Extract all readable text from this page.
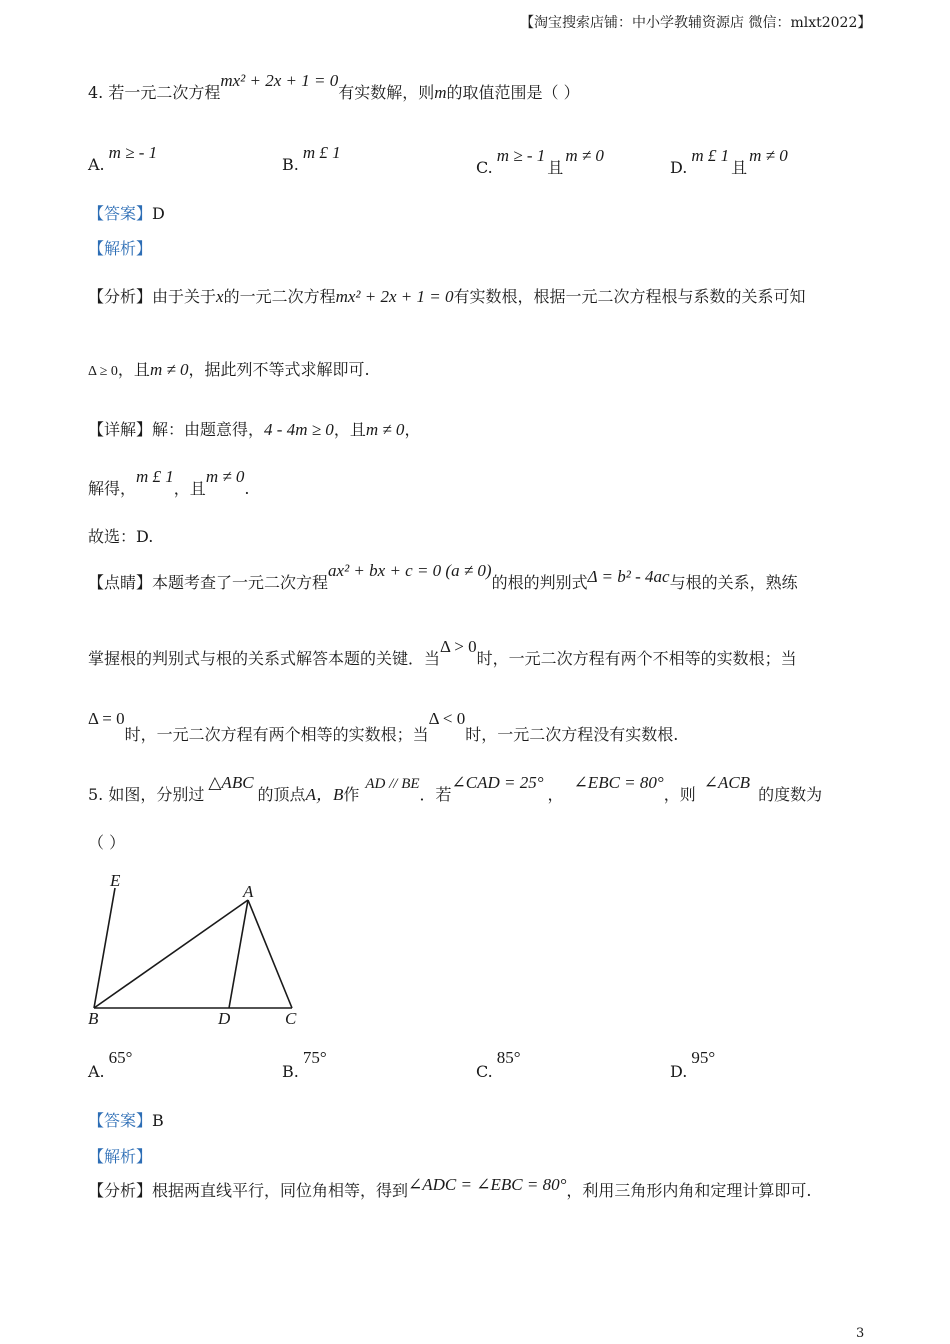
【淘宝搜索店铺：中小学教辅资源店 微信：mlxt2022】
4. 若一元二次方程mx² + 2x + 1 = 0有实数解，则m的取值范围是（ ）
A.m ≥ - 1
B.m £ 1
C.m ≥ - 1且m ≠ 0
D.m £ 1且m ≠ 0
【答案】D
【解析】
【分析】由于关于x的一元二次方程mx² + 2x + 1 = 0有实数根，根据一元二次方程根与系数的关系可知
Δ ≥ 0，且m ≠ 0，据此列不等式求解即可.
【详解】解：由题意得，4 - 4m ≥ 0，且m ≠ 0，
解得，m £ 1，且m ≠ 0.
故选：D.
【点睛】本题考查了一元二次方程ax² + bx + c = 0 (a ≠ 0)的根的判别式Δ = b² - 4ac与根的关系，熟练
掌握根的判别式与根的关系式解答本题的关键．当Δ > 0时，一元二次方程有两个不相等的实数根；当
Δ = 0时，一元二次方程有两个相等的实数根；当Δ < 0时，一元二次方程没有实数根.
5. 如图，分别过△ABC的顶点A，B作AD // BE．若∠CAD = 25°，∠EBC = 80°，则∠ACB的度数为
（ ）
E
A
B	D	C
A.65°
B.75°
C.85°
D.95°
【答案】B
【解析】
【分析】根据两直线平行，同位角相等，得到∠ADC = ∠EBC = 80°，利用三角形内角和定理计算即可.
3
